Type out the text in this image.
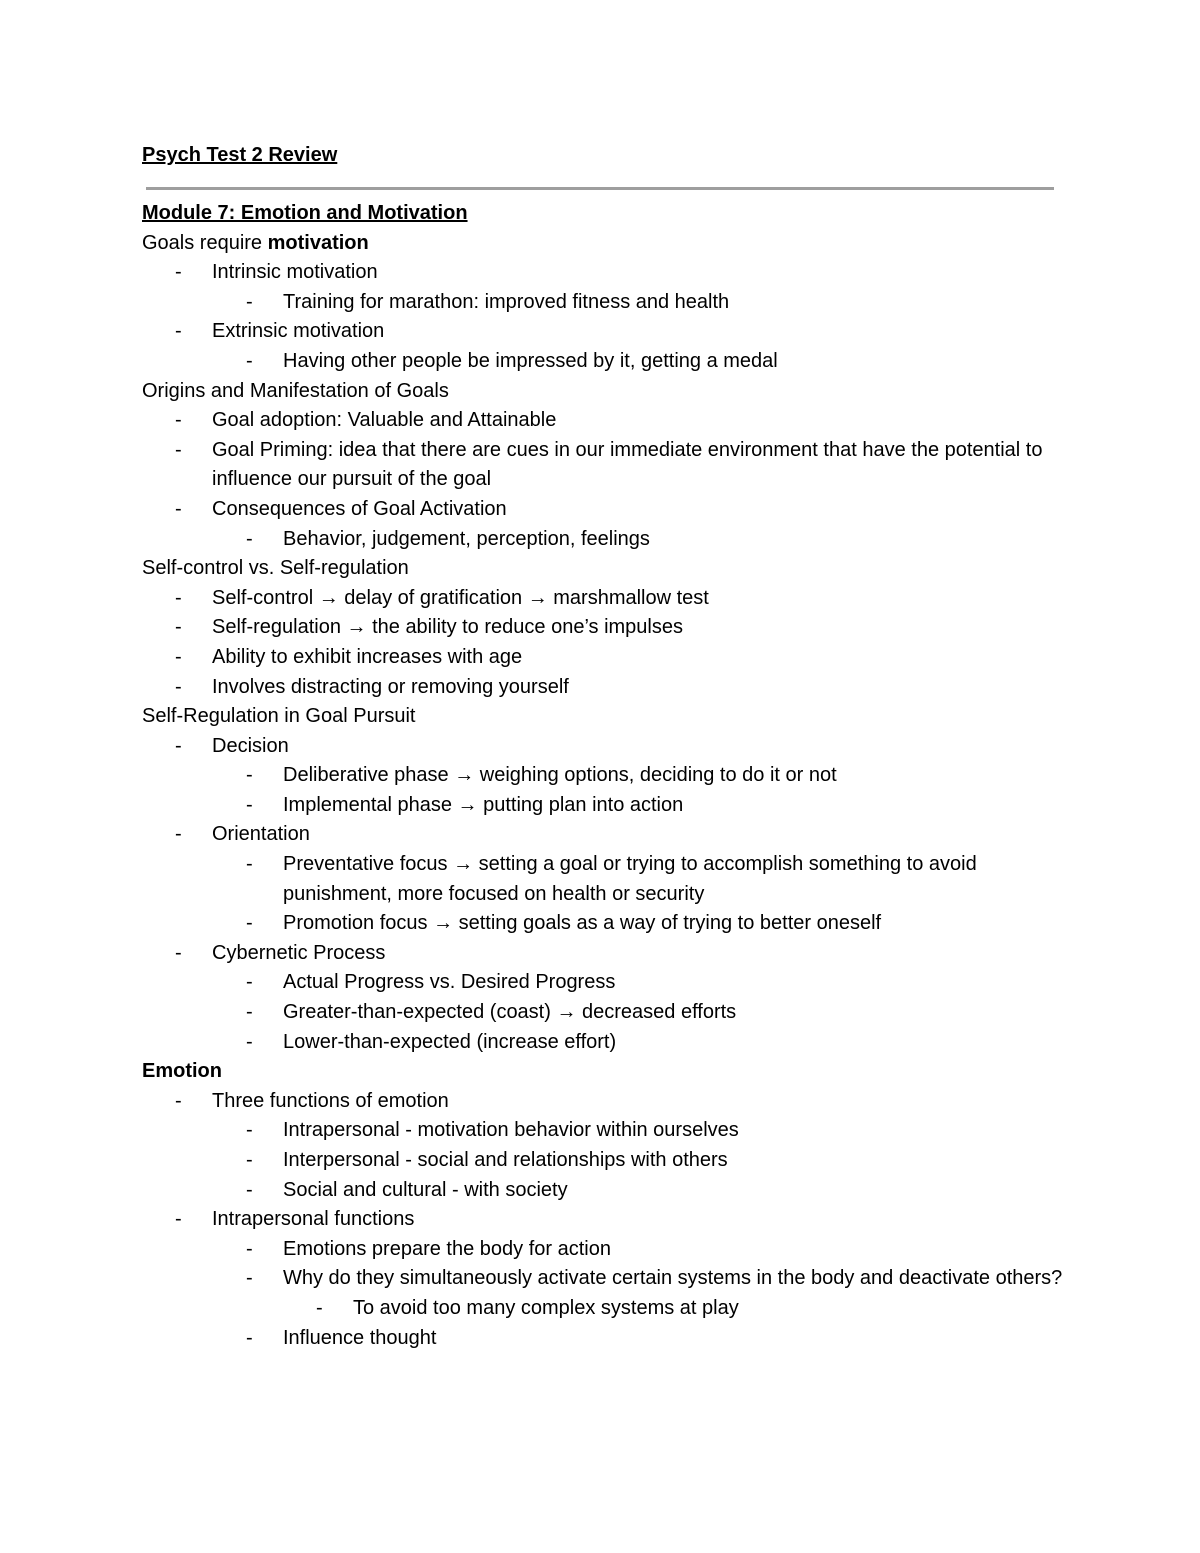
Psych Test 2 Review
Module 7: Emotion and Motivation
Goals require motivation
- Intrinsic motivation
- Training for marathon: improved fitness and health
- Extrinsic motivation
- Having other people be impressed by it, getting a medal
Origins and Manifestation of Goals
- Goal adoption: Valuable and Attainable
- Goal Priming: idea that there are cues in our immediate environment that have the potential to influence our pursuit of the goal
- Consequences of Goal Activation
- Behavior, judgement, perception, feelings
Self-control vs. Self-regulation
- Self-control → delay of gratification → marshmallow test
- Self-regulation → the ability to reduce one’s impulses
- Ability to exhibit increases with age
- Involves distracting or removing yourself
Self-Regulation in Goal Pursuit
- Decision
- Deliberative phase → weighing options, deciding to do it or not
- Implemental phase → putting plan into action
- Orientation
- Preventative focus → setting a goal or trying to accomplish something to avoid punishment, more focused on health or security
- Promotion focus → setting goals as a way of trying to better oneself
- Cybernetic Process
- Actual Progress vs. Desired Progress
- Greater-than-expected (coast) → decreased efforts
- Lower-than-expected (increase effort)
Emotion
- Three functions of emotion
- Intrapersonal - motivation behavior within ourselves
- Interpersonal - social and relationships with others
- Social and cultural - with society
- Intrapersonal functions
- Emotions prepare the body for action
- Why do they simultaneously activate certain systems in the body and deactivate others?
- To avoid too many complex systems at play
- Influence thought
